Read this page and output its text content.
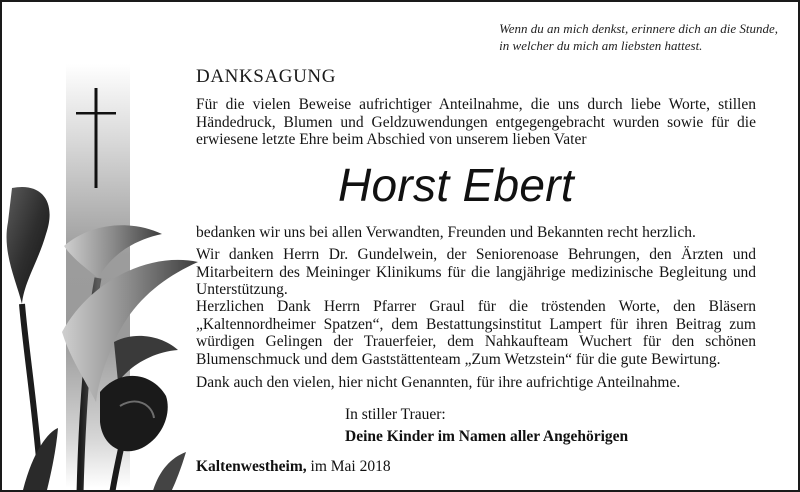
Wenn du an mich denkst, erinnere dich an die Stunde,
in welcher du mich am liebsten hattest.
DANKSAGUNG
Für die vielen Beweise aufrichtiger Anteilnahme, die uns durch liebe Worte, stillen Händedruck, Blumen und Geldzuwendungen entgegengebracht wurden sowie für die erwiesene letzte Ehre beim Abschied von unserem lieben Vater
Horst Ebert
bedanken wir uns bei allen Verwandten, Freunden und Bekannten recht herzlich.
Wir danken Herrn Dr. Gundelwein, der Seniorenoase Behrungen, den Ärzten und Mitarbeitern des Meininger Klinikums für die langjährige medizinische Begleitung und Unterstützung.
Herzlichen Dank Herrn Pfarrer Graul für die tröstenden Worte, den Bläsern „Kaltennordheimer Spatzen“, dem Bestattungsinstitut Lampert für ihren Beitrag zum würdigen Gelingen der Trauerfeier, dem Nahkaufteam Wuchert für den schönen Blumenschmuck und dem Gaststättenteam „Zum Wetzstein“ für die gute Bewirtung.
Dank auch den vielen, hier nicht Genannten, für ihre aufrichtige Anteilnahme.
In stiller Trauer:
Deine Kinder im Namen aller Angehörigen
Kaltenwestheim, im Mai 2018
